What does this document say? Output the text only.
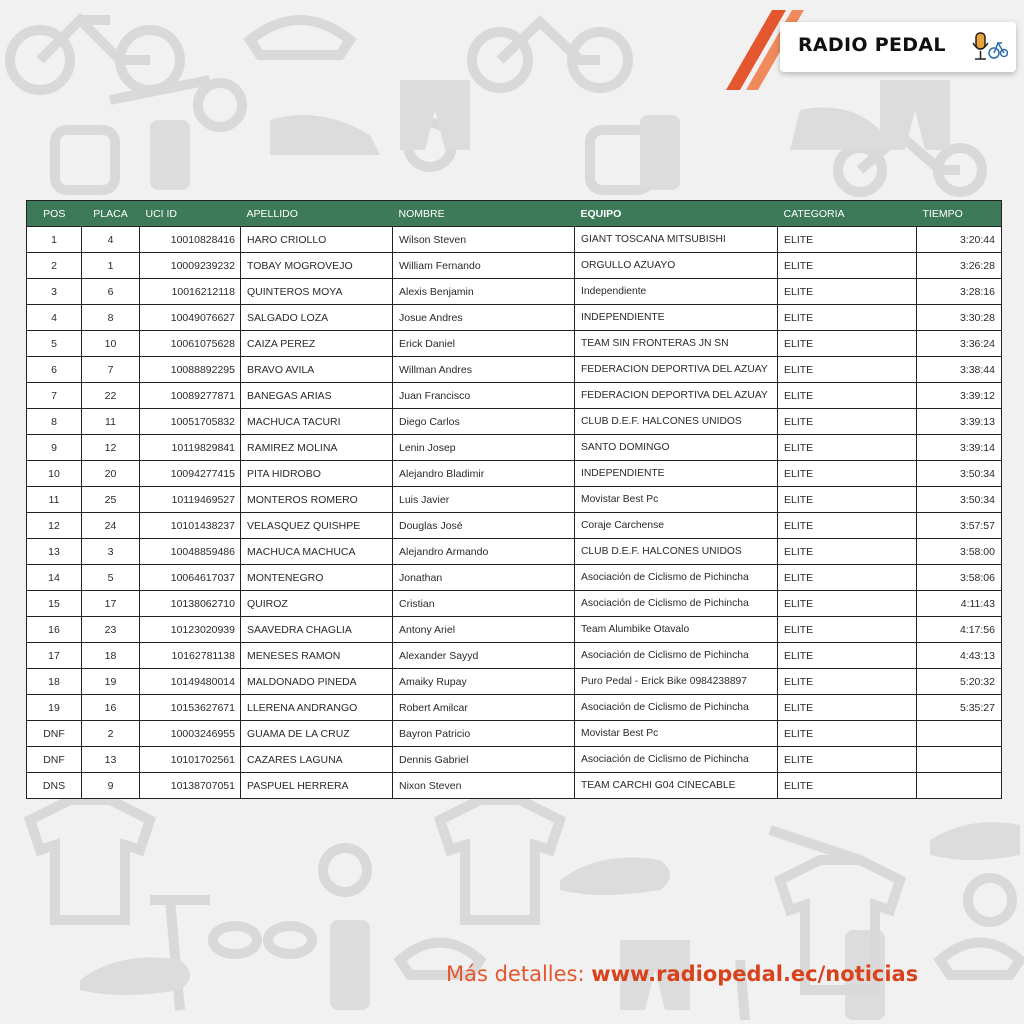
RADIO PEDAL
POS	PLACA	UCI ID	APELLIDO	NOMBRE	EQUIPO	CATEGORIA	TIEMPO
1	4	10010828416	HARO CRIOLLO	Wilson Steven	GIANT TOSCANA MITSUBISHI	ELITE	3:20:44
2	1	10009239232	TOBAY MOGROVEJO	William Fernando	ORGULLO AZUAYO	ELITE	3:26:28
3	6	10016212118	QUINTEROS MOYA	Alexis Benjamin	Independiente	ELITE	3:28:16
4	8	10049076627	SALGADO LOZA	Josue Andres	INDEPENDIENTE	ELITE	3:30:28
5	10	10061075628	CAIZA PEREZ	Erick Daniel	TEAM SIN FRONTERAS JN SN	ELITE	3:36:24
6	7	10088892295	BRAVO AVILA	Willman Andres	FEDERACION DEPORTIVA DEL AZUAY	ELITE	3:38:44
7	22	10089277871	BANEGAS ARIAS	Juan Francisco	FEDERACION DEPORTIVA DEL AZUAY	ELITE	3:39:12
8	11	10051705832	MACHUCA TACURI	Diego Carlos	CLUB D.E.F. HALCONES UNIDOS	ELITE	3:39:13
9	12	10119829841	RAMIREZ MOLINA	Lenin Josep	SANTO DOMINGO	ELITE	3:39:14
10	20	10094277415	PITA HIDROBO	Alejandro Bladimir	INDEPENDIENTE	ELITE	3:50:34
11	25	10119469527	MONTEROS ROMERO	Luis Javier	Movistar Best Pc	ELITE	3:50:34
12	24	10101438237	VELASQUEZ QUISHPE	Douglas José	Coraje Carchense	ELITE	3:57:57
13	3	10048859486	MACHUCA MACHUCA	Alejandro Armando	CLUB D.E.F. HALCONES UNIDOS	ELITE	3:58:00
14	5	10064617037	MONTENEGRO	Jonathan	Asociación de Ciclismo de Pichincha	ELITE	3:58:06
15	17	10138062710	QUIROZ	Cristian	Asociación de Ciclismo de Pichincha	ELITE	4:11:43
16	23	10123020939	SAAVEDRA CHAGLIA	Antony Ariel	Team Alumbike Otavalo	ELITE	4:17:56
17	18	10162781138	MENESES RAMON	Alexander Sayyd	Asociación de Ciclismo de Pichincha	ELITE	4:43:13
18	19	10149480014	MALDONADO PINEDA	Amaiky Rupay	Puro Pedal - Erick Bike 0984238897	ELITE	5:20:32
19	16	10153627671	LLERENA ANDRANGO	Robert Amilcar	Asociación de Ciclismo de Pichincha	ELITE	5:35:27
DNF	2	10003246955	GUAMA DE LA CRUZ	Bayron Patricio	Movistar Best Pc	ELITE	
DNF	13	10101702561	CAZARES LAGUNA	Dennis Gabriel	Asociación de Ciclismo de Pichincha	ELITE	
DNS	9	10138707051	PASPUEL HERRERA	Nixon Steven	TEAM CARCHI G04 CINECABLE	ELITE	
Más detalles: www.radiopedal.ec/noticias
